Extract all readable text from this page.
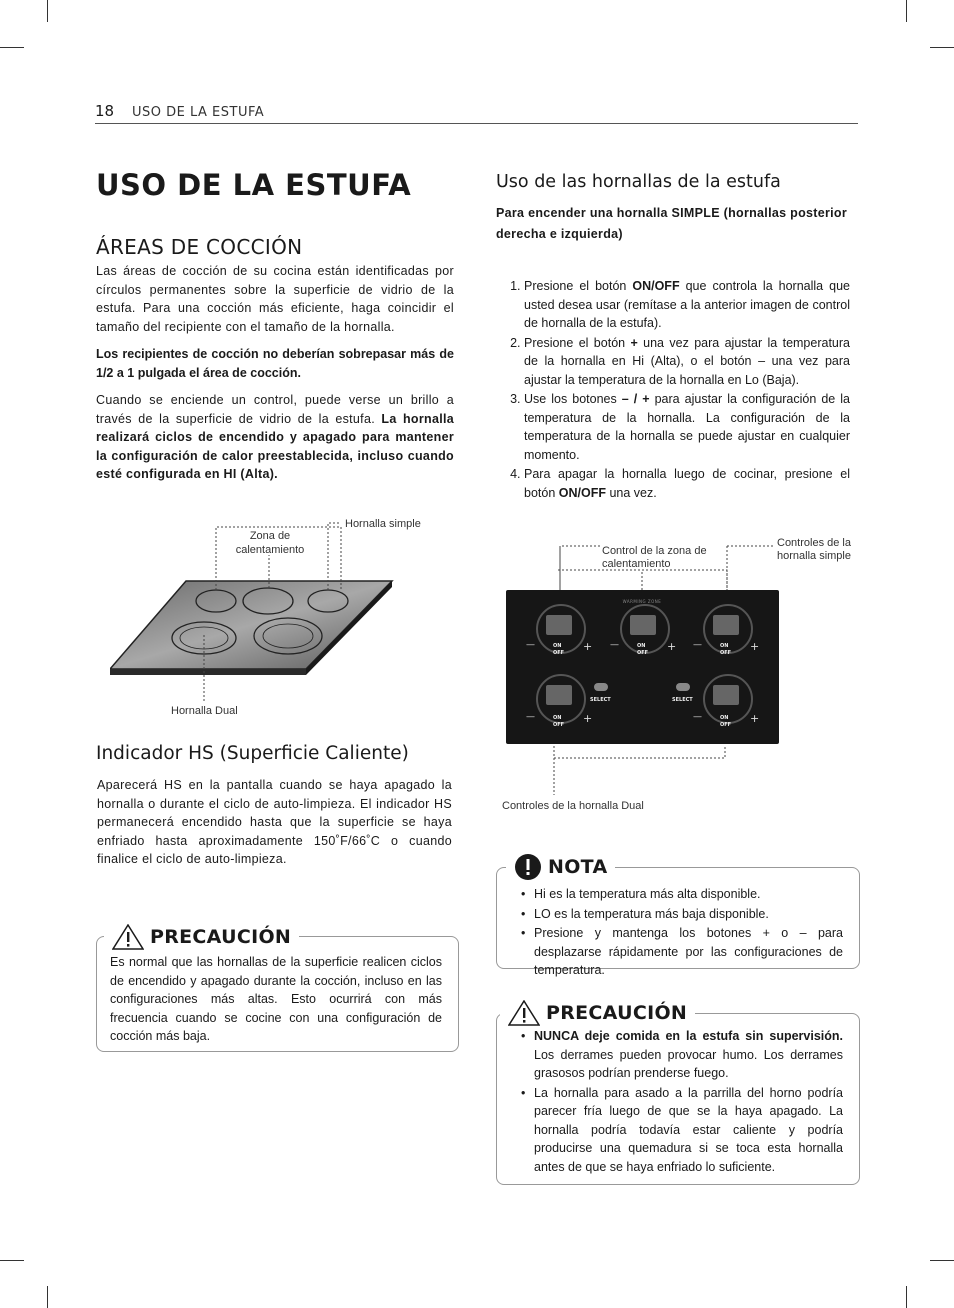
18 USO DE LA ESTUFA
USO DE LA ESTUFA
ÁREAS DE COCCIÓN
Las áreas de cocción de su cocina están identificadas por círculos permanentes sobre la superficie de vidrio de la estufa. Para una cocción más eficiente, haga coincidir el tamaño del recipiente con el tamaño de la hornalla.
Los recipientes de cocción no deberían sobrepasar más de 1/2 a 1 pulgada el área de cocción.
Cuando se enciende un control, puede verse un brillo a través de la superficie de vidrio de la estufa. La hornalla realizará ciclos de encendido y apagado para mantener la configuración de calor preestablecida, incluso cuando esté configurada en HI (Alta).
Zona de calentamiento
Hornalla simple
Hornalla Dual
Indicador HS (Superficie Caliente)
Aparecerá HS en la pantalla cuando se haya apagado la hornalla o durante el ciclo de auto-limpieza. El indicador HS permanecerá encendido hasta que la superficie se haya enfriado hasta aproximadamente 150˚F/66˚C o cuando finalice el ciclo de auto-limpieza.
PRECAUCIÓN
Es normal que las hornallas de la superficie realicen ciclos de encendido y apagado durante la cocción, incluso en las configuraciones más altas. Esto ocurrirá con más frecuencia cuando se cocine con una configuración de cocción más baja.
Uso de las hornallas de la estufa
Para encender una hornalla SIMPLE (hornallas posterior derecha e izquierda)
1. Presione el botón ON/OFF que controla la hornalla que usted desea usar (remítase a la anterior imagen de control de hornalla de la estufa).
2. Presione el botón + una vez para ajustar la temperatura de la hornalla en Hi (Alta), o el botón – una vez para ajustar la temperatura de la hornalla en Lo (Baja).
3. Use los botones – / + para ajustar la configuración de la temperatura de la hornalla. La configuración de la temperatura de la hornalla se puede ajustar en cualquier momento.
4. Para apagar la hornalla luego de cocinar, presione el botón ON/OFF una vez.
Control de la zona de calentamiento
Controles de la hornalla simple
Controles de la hornalla Dual
WARMING ZONE
—	+
ON
OFF
—	+
ON
OFF
—	+
ON
OFF
SELECT	SELECT
—	+
ON
OFF
—	+
ON
OFF
NOTA
• Hi es la temperatura más alta disponible.
• LO es la temperatura más baja disponible.
• Presione y mantenga los botones + o – para desplazarse rápidamente por las configuraciones de temperatura.
PRECAUCIÓN
• NUNCA deje comida en la estufa sin supervisión. Los derrames pueden provocar humo. Los derrames grasosos podrían prenderse fuego.
• La hornalla para asado a la parrilla del horno podría parecer fría luego de que se la haya apagado. La hornalla podría todavía estar caliente y podría producirse una quemadura si se toca esta hornalla antes de que se haya enfriado lo suficiente.
